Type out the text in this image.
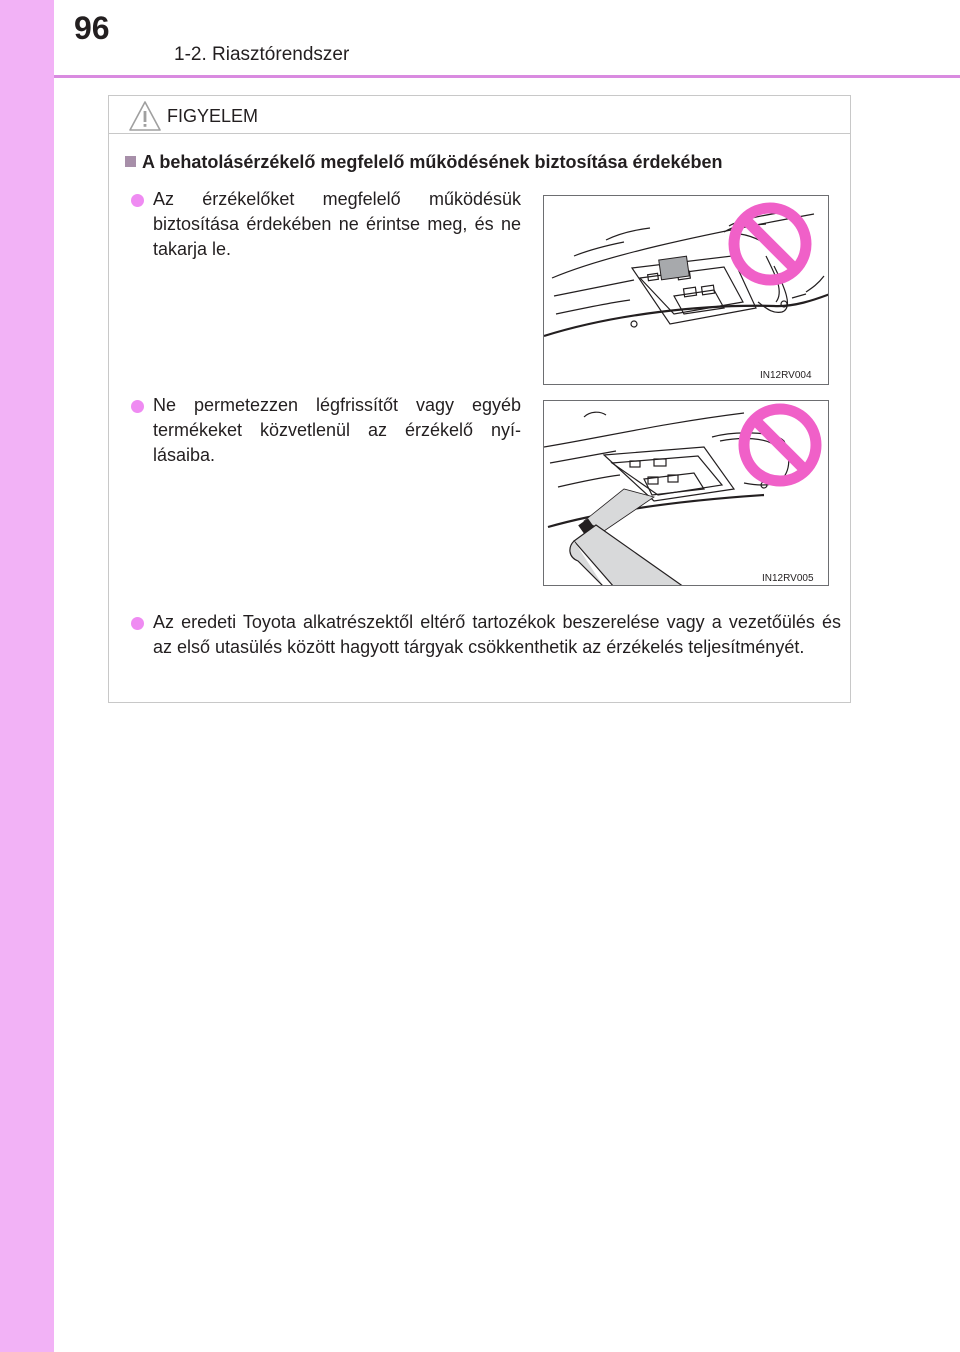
96
1-2. Riasztórendszer
FIGYELEM
A behatolásérzékelő megfelelő működésének biztosítása érdekében
Az érzékelőket megfelelő működésük biztosítása érdekében ne érintse meg, és ne takarja le.
IN12RV004
Ne permetezzen légfrissítőt vagy egyéb termékeket közvetlenül az érzékelő nyílásaiba.
IN12RV005
Az eredeti Toyota alkatrészektől eltérő tartozékok beszerelése vagy a vezetőülés és az első utasülés között hagyott tárgyak csökkenthetik az érzékelés teljesítményét.
